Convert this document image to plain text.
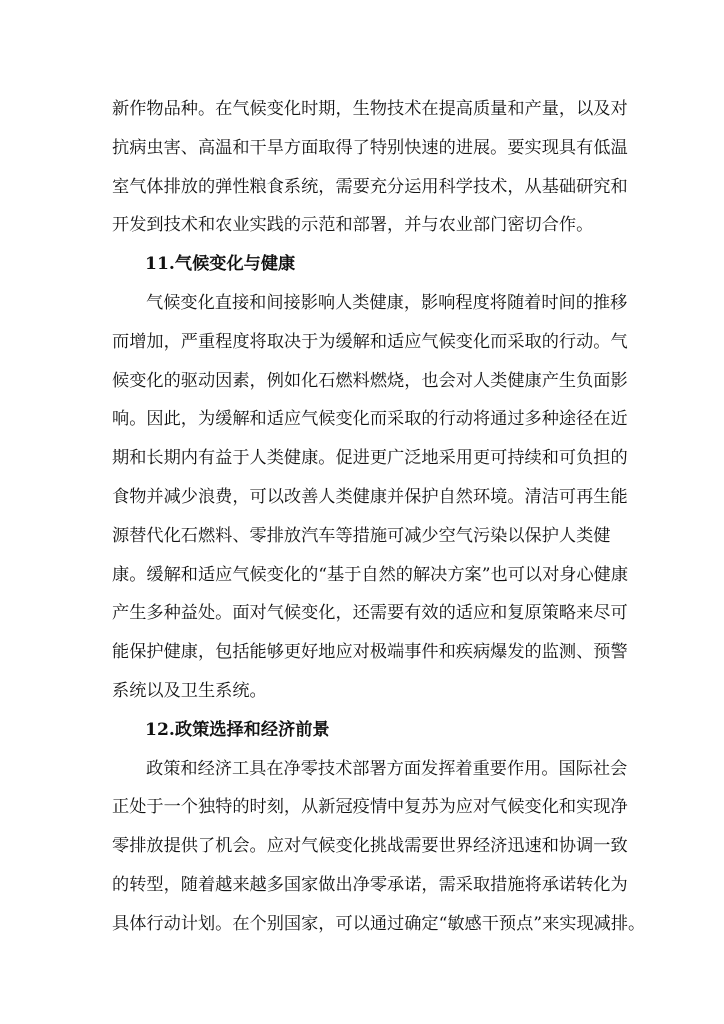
新作物品种。在气候变化时期，生物技术在提高质量和产量，以及对
抗病虫害、高温和干旱方面取得了特别快速的进展。要实现具有低温
室气体排放的弹性粮食系统，需要充分运用科学技术，从基础研究和
开发到技术和农业实践的示范和部署，并与农业部门密切合作。
11.气候变化与健康
气候变化直接和间接影响人类健康，影响程度将随着时间的推移
而增加，严重程度将取决于为缓解和适应气候变化而采取的行动。气
候变化的驱动因素，例如化石燃料燃烧，也会对人类健康产生负面影
响。因此，为缓解和适应气候变化而采取的行动将通过多种途径在近
期和长期内有益于人类健康。促进更广泛地采用更可持续和可负担的
食物并减少浪费，可以改善人类健康并保护自然环境。清洁可再生能
源替代化石燃料、零排放汽车等措施可减少空气污染以保护人类健
康。缓解和适应气候变化的“基于自然的解决方案”也可以对身心健康
产生多种益处。面对气候变化，还需要有效的适应和复原策略来尽可
能保护健康，包括能够更好地应对极端事件和疾病爆发的监测、预警
系统以及卫生系统。
12.政策选择和经济前景
政策和经济工具在净零技术部署方面发挥着重要作用。国际社会
正处于一个独特的时刻，从新冠疫情中复苏为应对气候变化和实现净
零排放提供了机会。应对气候变化挑战需要世界经济迅速和协调一致
的转型，随着越来越多国家做出净零承诺，需采取措施将承诺转化为
具体行动计划。在个别国家，可以通过确定“敏感干预点”来实现减排。
